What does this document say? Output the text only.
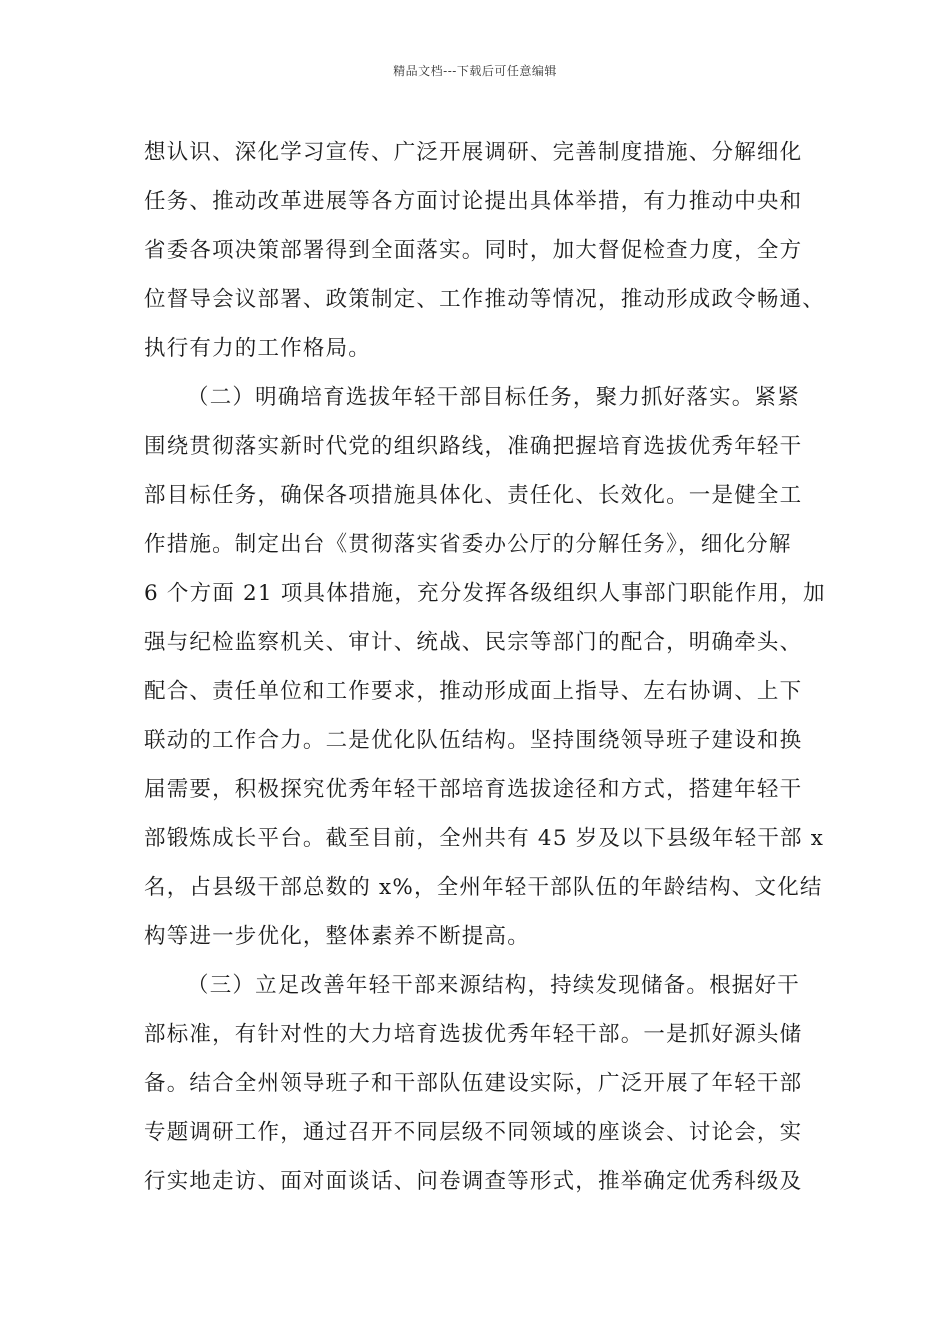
精品文档---下载后可任意编辑
想认识、深化学习宣传、广泛开展调研、完善制度措施、分解细化
任务、推动改革进展等各方面讨论提出具体举措，有力推动中央和
省委各项决策部署得到全面落实。同时，加大督促检查力度，全方
位督导会议部署、政策制定、工作推动等情况，推动形成政令畅通、
执行有力的工作格局。
（二）明确培育选拔年轻干部目标任务，聚力抓好落实。紧紧
围绕贯彻落实新时代党的组织路线，准确把握培育选拔优秀年轻干
部目标任务，确保各项措施具体化、责任化、长效化。一是健全工
作措施。制定出台《贯彻落实省委办公厅的分解任务》，细化分解
6 个方面 21 项具体措施，充分发挥各级组织人事部门职能作用，加
强与纪检监察机关、审计、统战、民宗等部门的配合，明确牵头、
配合、责任单位和工作要求，推动形成面上指导、左右协调、上下
联动的工作合力。二是优化队伍结构。坚持围绕领导班子建设和换
届需要，积极探究优秀年轻干部培育选拔途径和方式，搭建年轻干
部锻炼成长平台。截至目前，全州共有 45 岁及以下县级年轻干部 x
名，占县级干部总数的 x%，全州年轻干部队伍的年龄结构、文化结
构等进一步优化，整体素养不断提高。
（三）立足改善年轻干部来源结构，持续发现储备。根据好干
部标准，有针对性的大力培育选拔优秀年轻干部。一是抓好源头储
备。结合全州领导班子和干部队伍建设实际，广泛开展了年轻干部
专题调研工作，通过召开不同层级不同领域的座谈会、讨论会，实
行实地走访、面对面谈话、问卷调查等形式，推举确定优秀科级及
